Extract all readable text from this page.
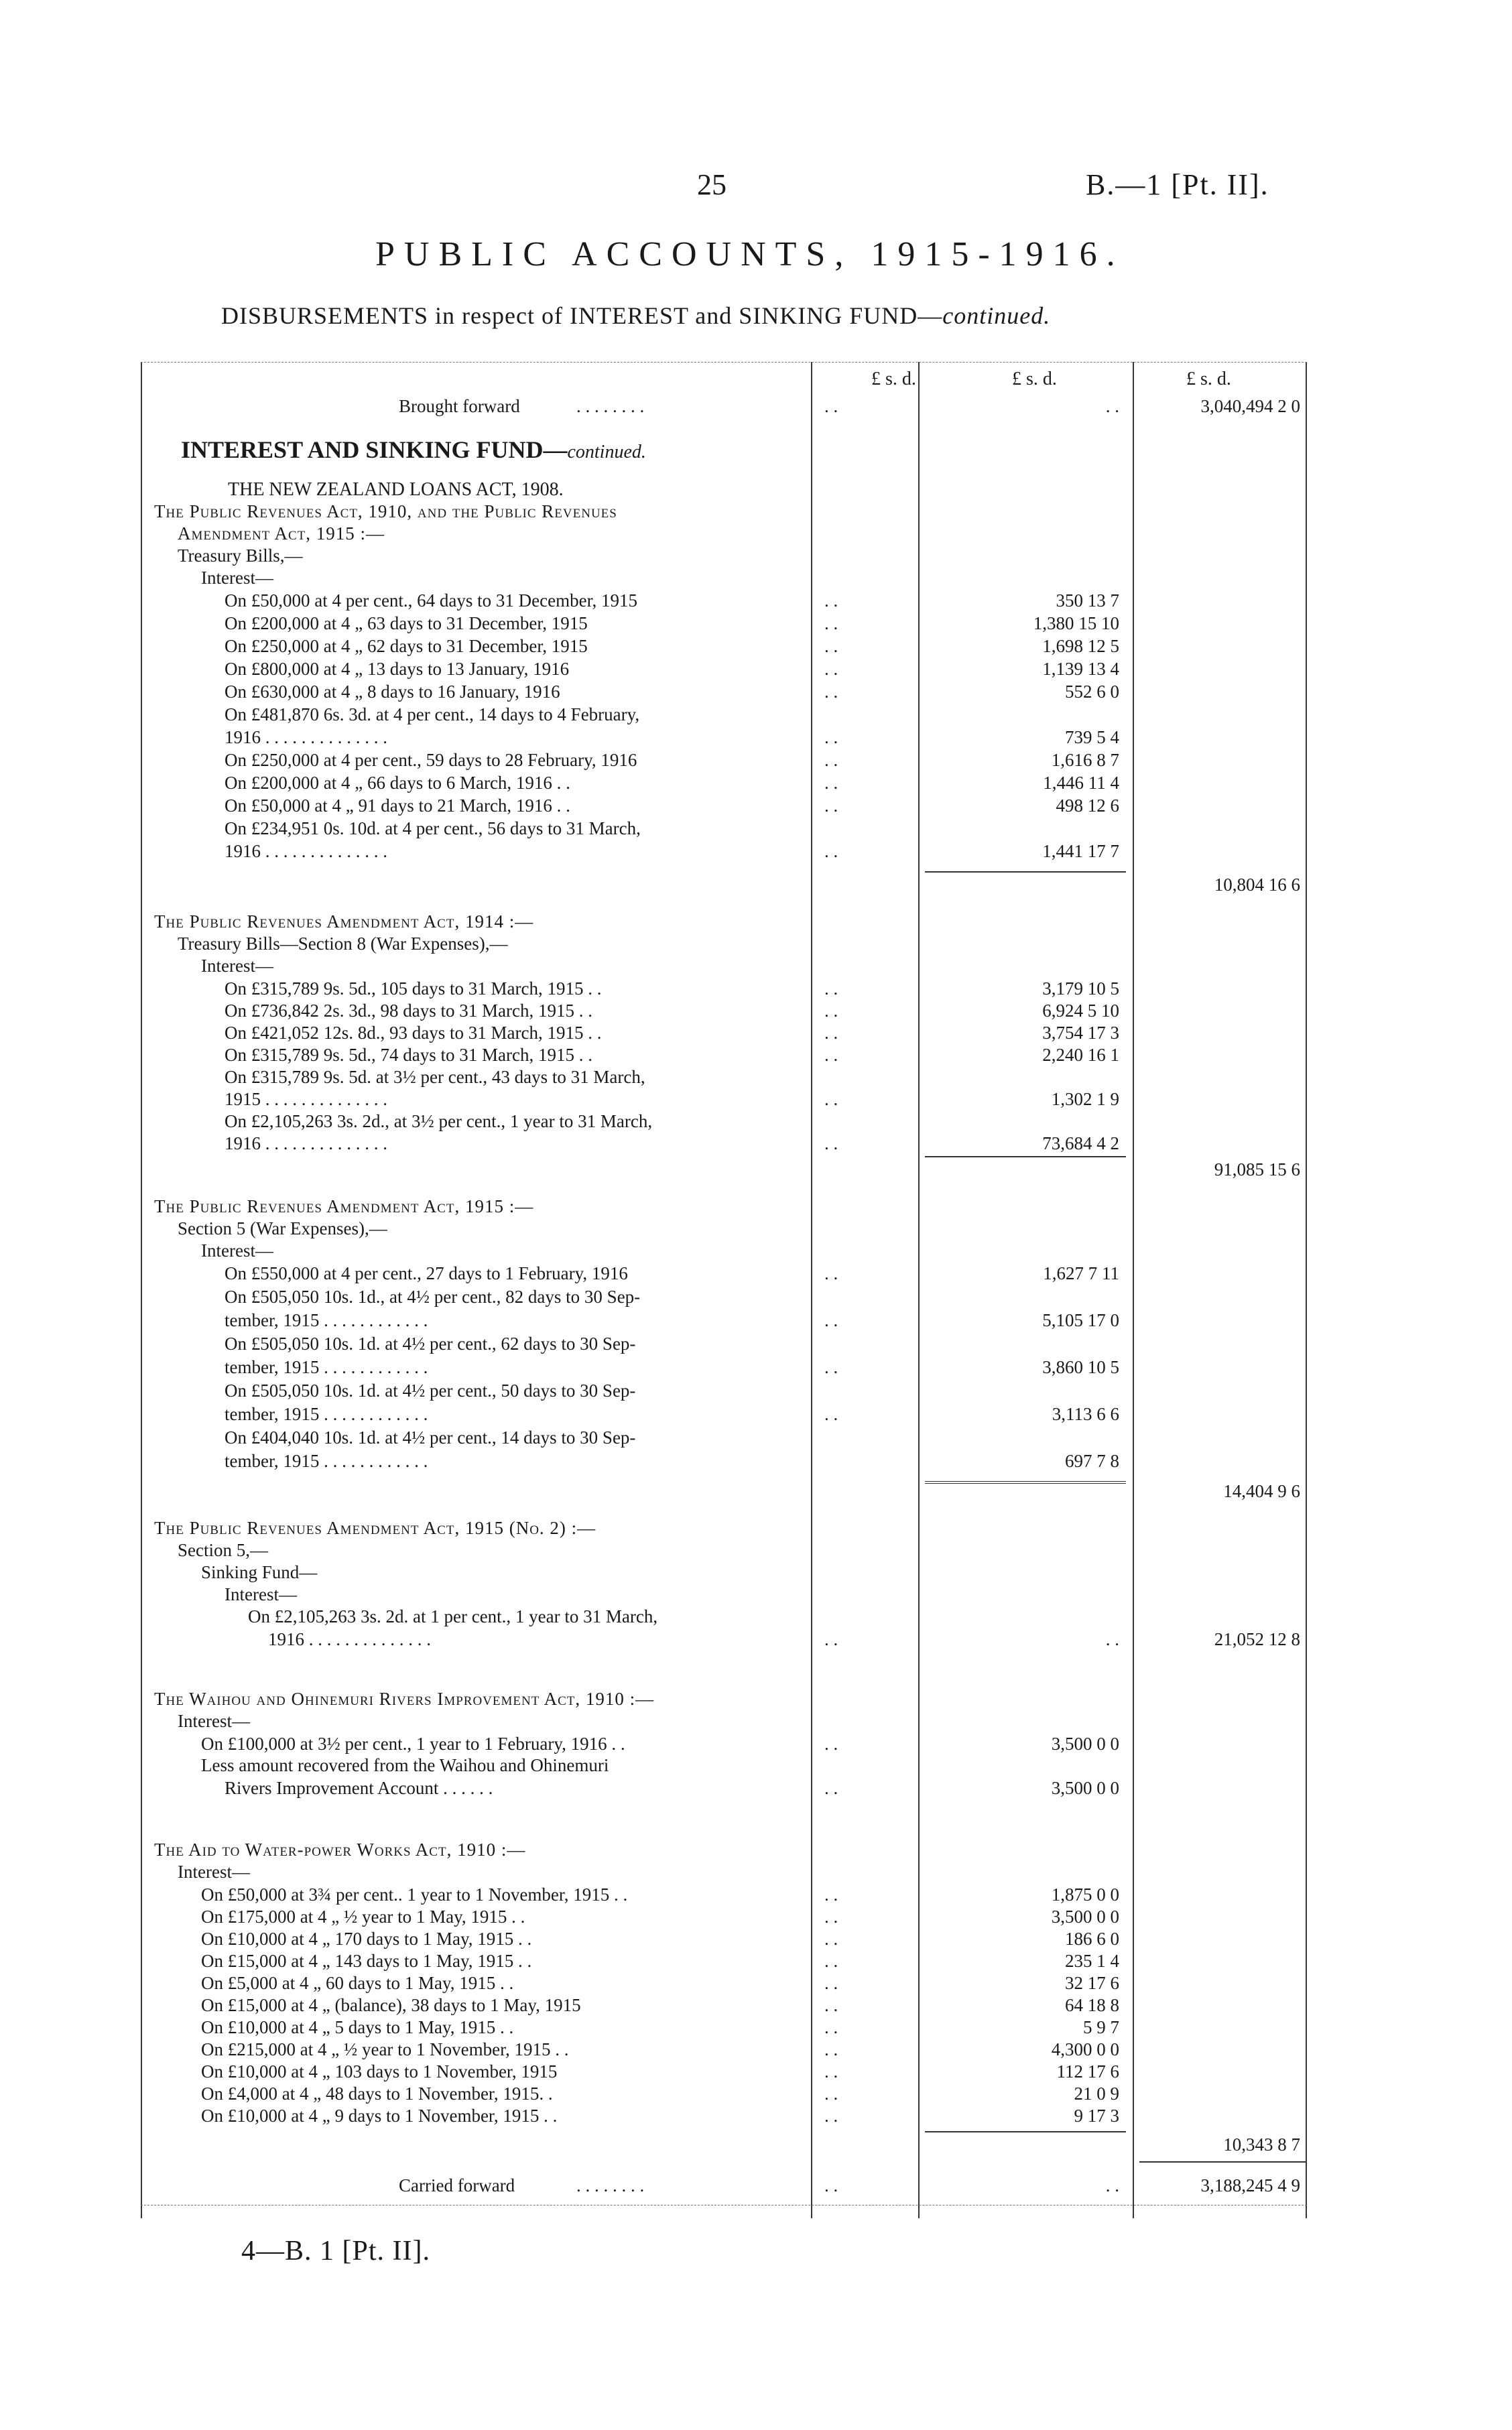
25	B.—1 [Pt. II].
PUBLIC ACCOUNTS, 1915-1916.
DISBURSEMENTS in respect of INTEREST and SINKING FUND—continued.
£ s. d.	£ s. d.	£ s. d.
Brought forward	. . . . . . . .	. .	. .	3,040,494 2 0
INTEREST AND SINKING FUND—continued.
THE NEW ZEALAND LOANS ACT, 1908.
The Public Revenues Act, 1910, and the Public Revenues
Amendment Act, 1915 :—
Treasury Bills,—
Interest—
On £50,000 at 4 per cent., 64 days to 31 December, 1915	. .	350 13 7
On £200,000 at 4 „ 63 days to 31 December, 1915	. .	1,380 15 10
On £250,000 at 4 „ 62 days to 31 December, 1915	. .	1,698 12 5
On £800,000 at 4 „ 13 days to 13 January, 1916	. .	1,139 13 4
On £630,000 at 4 „ 8 days to 16 January, 1916	. .	552 6 0
On £481,870 6s. 3d. at 4 per cent., 14 days to 4 February,
1916 . . . . . . . . . . . . . .	. .	739 5 4
On £250,000 at 4 per cent., 59 days to 28 February, 1916	. .	1,616 8 7
On £200,000 at 4 „ 66 days to 6 March, 1916 . .	. .	1,446 11 4
On £50,000 at 4 „ 91 days to 21 March, 1916 . .	. .	498 12 6
On £234,951 0s. 10d. at 4 per cent., 56 days to 31 March,
1916 . . . . . . . . . . . . . .	. .	1,441 17 7
10,804 16 6
The Public Revenues Amendment Act, 1914 :—
Treasury Bills—Section 8 (War Expenses),—
Interest—
On £315,789 9s. 5d., 105 days to 31 March, 1915 . .	. .	3,179 10 5
On £736,842 2s. 3d., 98 days to 31 March, 1915 . .	. .	6,924 5 10
On £421,052 12s. 8d., 93 days to 31 March, 1915 . .	. .	3,754 17 3
On £315,789 9s. 5d., 74 days to 31 March, 1915 . .	. .	2,240 16 1
On £315,789 9s. 5d. at 3½ per cent., 43 days to 31 March,
1915 . . . . . . . . . . . . . .	. .	1,302 1 9
On £2,105,263 3s. 2d., at 3½ per cent., 1 year to 31 March,
1916 . . . . . . . . . . . . . .	. .	73,684 4 2
91,085 15 6
The Public Revenues Amendment Act, 1915 :—
Section 5 (War Expenses),—
Interest—
On £550,000 at 4 per cent., 27 days to 1 February, 1916	. .	1,627 7 11
On £505,050 10s. 1d., at 4½ per cent., 82 days to 30 Sep-
tember, 1915 . . . . . . . . . . . .	. .	5,105 17 0
On £505,050 10s. 1d. at 4½ per cent., 62 days to 30 Sep-
tember, 1915 . . . . . . . . . . . .	. .	3,860 10 5
On £505,050 10s. 1d. at 4½ per cent., 50 days to 30 Sep-
tember, 1915 . . . . . . . . . . . .	. .	3,113 6 6
On £404,040 10s. 1d. at 4½ per cent., 14 days to 30 Sep-
tember, 1915 . . . . . . . . . . . .	697 7 8
14,404 9 6
The Public Revenues Amendment Act, 1915 (No. 2) :—
Section 5,—
Sinking Fund—
Interest—
On £2,105,263 3s. 2d. at 1 per cent., 1 year to 31 March,
1916 . . . . . . . . . . . . . .	. .	. .	21,052 12 8
The Waihou and Ohinemuri Rivers Improvement Act, 1910 :—
Interest—
On £100,000 at 3½ per cent., 1 year to 1 February, 1916 . .	. .	3,500 0 0
Less amount recovered from the Waihou and Ohinemuri
Rivers Improvement Account . . . . . .	. .	3,500 0 0
The Aid to Water-power Works Act, 1910 :—
Interest—
On £50,000 at 3¾ per cent.. 1 year to 1 November, 1915 . .	. .	1,875 0 0
On £175,000 at 4 „ ½ year to 1 May, 1915 . .	. .	3,500 0 0
On £10,000 at 4 „ 170 days to 1 May, 1915 . .	. .	186 6 0
On £15,000 at 4 „ 143 days to 1 May, 1915 . .	. .	235 1 4
On £5,000 at 4 „ 60 days to 1 May, 1915 . .	. .	32 17 6
On £15,000 at 4 „ (balance), 38 days to 1 May, 1915	. .	64 18 8
On £10,000 at 4 „ 5 days to 1 May, 1915 . .	. .	5 9 7
On £215,000 at 4 „ ½ year to 1 November, 1915 . .	. .	4,300 0 0
On £10,000 at 4 „ 103 days to 1 November, 1915	. .	112 17 6
On £4,000 at 4 „ 48 days to 1 November, 1915. .	. .	21 0 9
On £10,000 at 4 „ 9 days to 1 November, 1915 . .	. .	9 17 3
10,343 8 7
Carried forward	. . . . . . . .	. .	. .	3,188,245 4 9
4—B. 1 [Pt. II].
